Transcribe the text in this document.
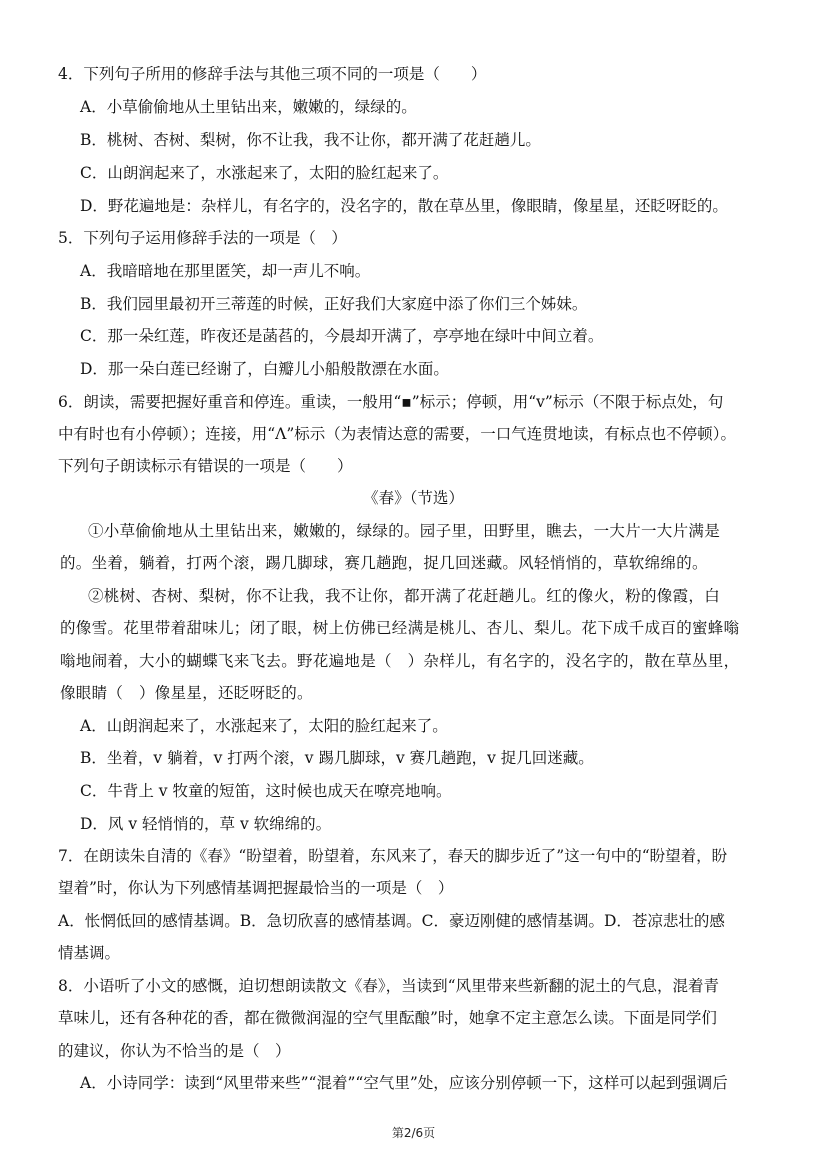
4．下列句子所用的修辞手法与其他三项不同的一项是（　　）
A．小草偷偷地从土里钻出来，嫩嫩的，绿绿的。
B．桃树、杏树、梨树，你不让我，我不让你，都开满了花赶趟儿。
C．山朗润起来了，水涨起来了，太阳的脸红起来了。
D．野花遍地是：杂样儿，有名字的，没名字的，散在草丛里，像眼睛，像星星，还眨呀眨的。
5．下列句子运用修辞手法的一项是（　）
A．我暗暗地在那里匿笑，却一声儿不响。
B．我们园里最初开三蒂莲的时候，正好我们大家庭中添了你们三个姊妹。
C．那一朵红莲，昨夜还是菡萏的，今晨却开满了，亭亭地在绿叶中间立着。
D．那一朵白莲已经谢了，白瓣儿小船般散漂在水面。
6．朗读，需要把握好重音和停连。重读，一般用“▪”标示；停顿，用“v”标示（不限于标点处，句
中有时也有小停顿）；连接，用“Λ”标示（为表情达意的需要，一口气连贯地读，有标点也不停顿）。
下列句子朗读标示有错误的一项是（　　）
《春》（节选）
①小草偷偷地从土里钻出来，嫩嫩的，绿绿的。园子里，田野里，瞧去，一大片一大片满是
的。坐着，躺着，打两个滚，踢几脚球，赛几趟跑，捉几回迷藏。风轻悄悄的，草软绵绵的。
②桃树、杏树、梨树，你不让我，我不让你，都开满了花赶趟儿。红的像火，粉的像霞，白
的像雪。花里带着甜味儿；闭了眼，树上仿佛已经满是桃儿、杏儿、梨儿。花下成千成百的蜜蜂嗡
嗡地闹着，大小的蝴蝶飞来飞去。野花遍地是（　）杂样儿，有名字的，没名字的，散在草丛里，
像眼睛（　）像星星，还眨呀眨的。
A．山朗润起来了，水涨起来了，太阳的脸红起来了。
B．坐着，v 躺着，v 打两个滚，v 踢几脚球，v 赛几趟跑，v 捉几回迷藏。
C．牛背上 v 牧童的短笛，这时候也成天在嘹亮地响。
D．风 v 轻悄悄的，草 v 软绵绵的。
7．在朗读朱自清的《春》“盼望着，盼望着，东风来了，春天的脚步近了”这一句中的“盼望着，盼
望着”时，你认为下列感情基调把握最恰当的一项是（　）
A．怅惘低回的感情基调。B．急切欣喜的感情基调。C．豪迈刚健的感情基调。D．苍凉悲壮的感
情基调。
8．小语听了小文的感慨，迫切想朗读散文《春》，当读到“风里带来些新翻的泥土的气息，混着青
草味儿，还有各种花的香，都在微微润湿的空气里酝酿”时，她拿不定主意怎么读。下面是同学们
的建议，你认为不恰当的是（　）
A．小诗同学：读到“风里带来些”“混着”“空气里”处，应该分别停顿一下，这样可以起到强调后
第2/6页
